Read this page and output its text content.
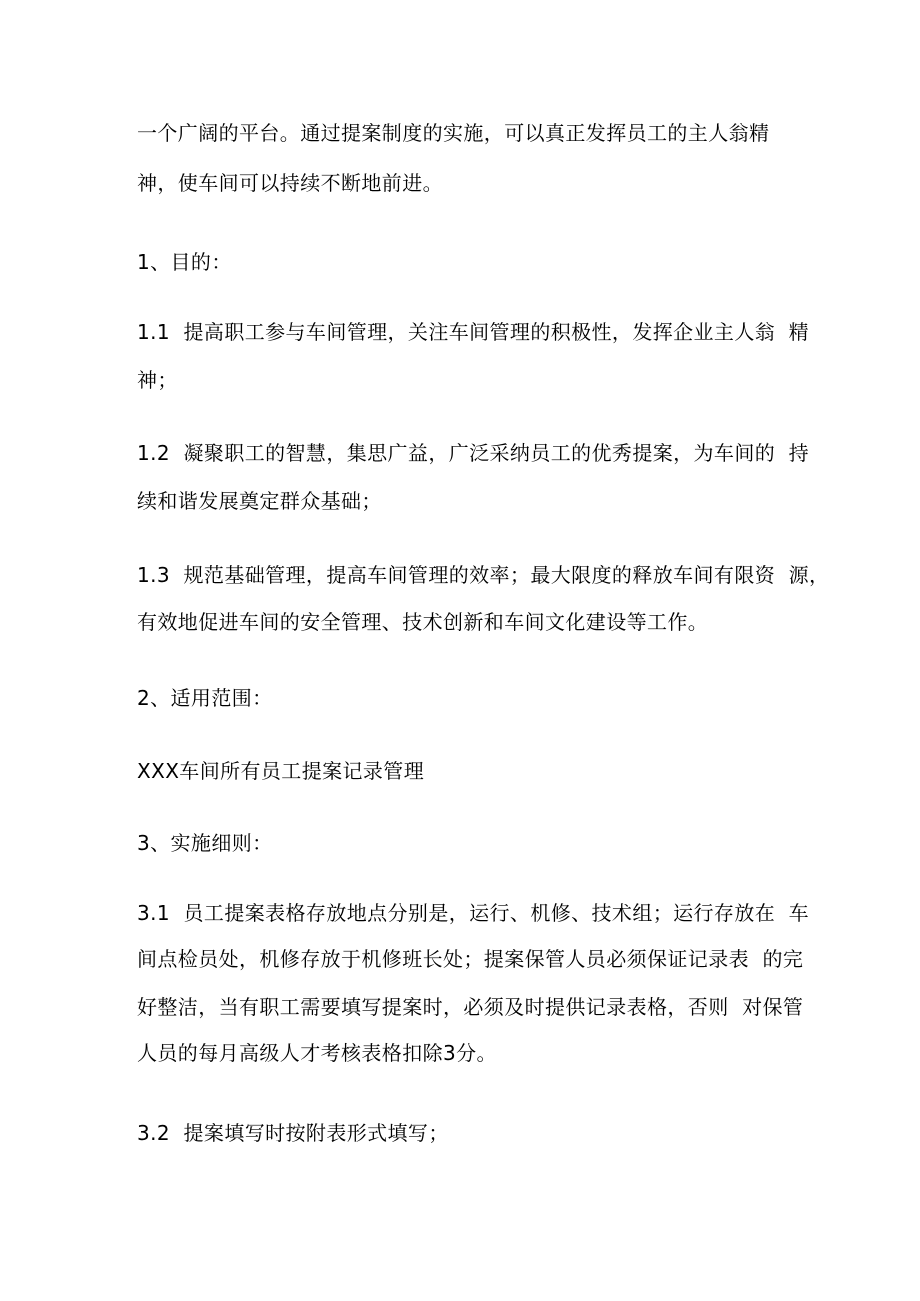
一个广阔的平台。通过提案制度的实施，可以真正发挥员工的主人翁精
神，使车间可以持续不断地前进。
1、目的：
1.1  提高职工参与车间管理，关注车间管理的积极性，发挥企业主人翁  精
神；
1.2  凝聚职工的智慧，集思广益，广泛采纳员工的优秀提案，为车间的  持
续和谐发展奠定群众基础；
1.3  规范基础管理，提高车间管理的效率；最大限度的释放车间有限资  源，
有效地促进车间的安全管理、技术创新和车间文化建设等工作。
2、适用范围：
XXX车间所有员工提案记录管理
3、实施细则：
3.1  员工提案表格存放地点分别是，运行、机修、技术组；运行存放在  车
间点检员处，机修存放于机修班长处；提案保管人员必须保证记录表  的完
好整洁，当有职工需要填写提案时，必须及时提供记录表格，否则  对保管
人员的每月高级人才考核表格扣除3分。
3.2  提案填写时按附表形式填写；
